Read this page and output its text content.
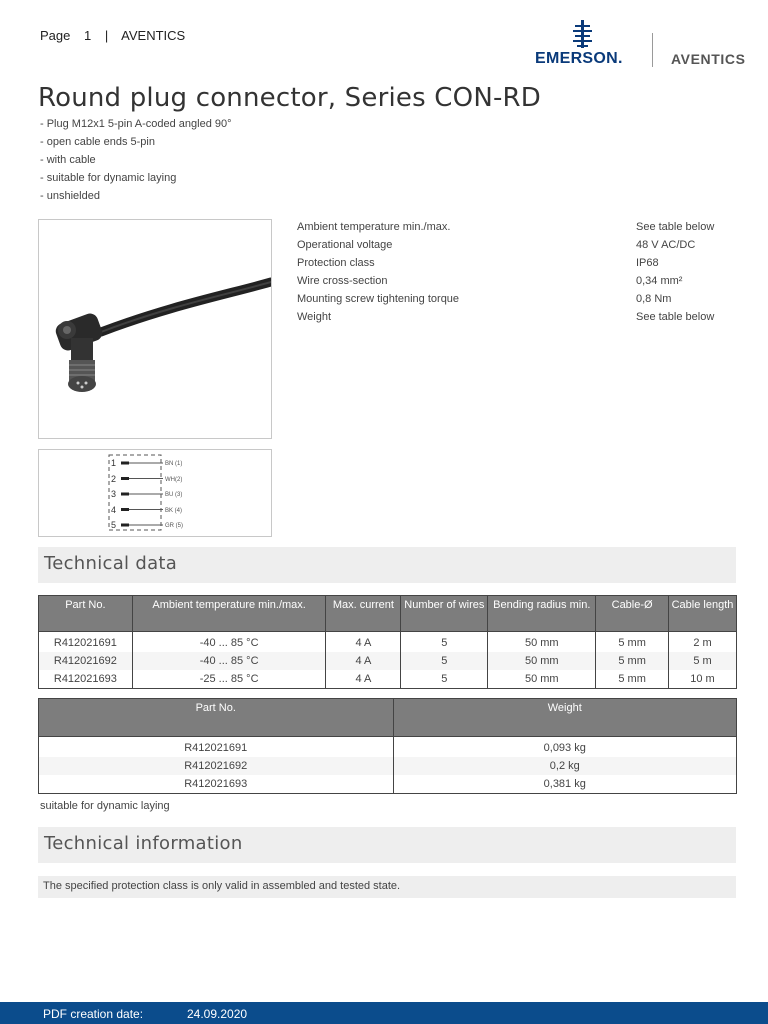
Page 1 | AVENTICS
EMERSON.	AVENTICS
Round plug connector, Series CON-RD
- Plug M12x1 5-pin A-coded angled 90°
- open cable ends 5-pin
- with cable
- suitable for dynamic laying
- unshielded
1
2
3
4
5
BN (1)
WH(2)
BU (3)
BK (4)
GR (5)
Ambient temperature min./max.	See table below
Operational voltage	48 V AC/DC
Protection class	IP68
Wire cross-section	0,34 mm²
Mounting screw tightening torque	0,8 Nm
Weight	See table below
Technical data
Part No.	Ambient temperature min./max.	Max. current	Number of wires	Bending radius min.	Cable-Ø	Cable length
R412021691	-40 ... 85 °C	4 A	5	50 mm	5 mm	2 m
R412021692	-40 ... 85 °C	4 A	5	50 mm	5 mm	5 m
R412021693	-25 ... 85 °C	4 A	5	50 mm	5 mm	10 m
Part No.	Weight
R412021691	0,093 kg
R412021692	0,2 kg
R412021693	0,381 kg
suitable for dynamic laying
Technical information
The specified protection class is only valid in assembled and tested state.
PDF creation date:	24.09.2020
